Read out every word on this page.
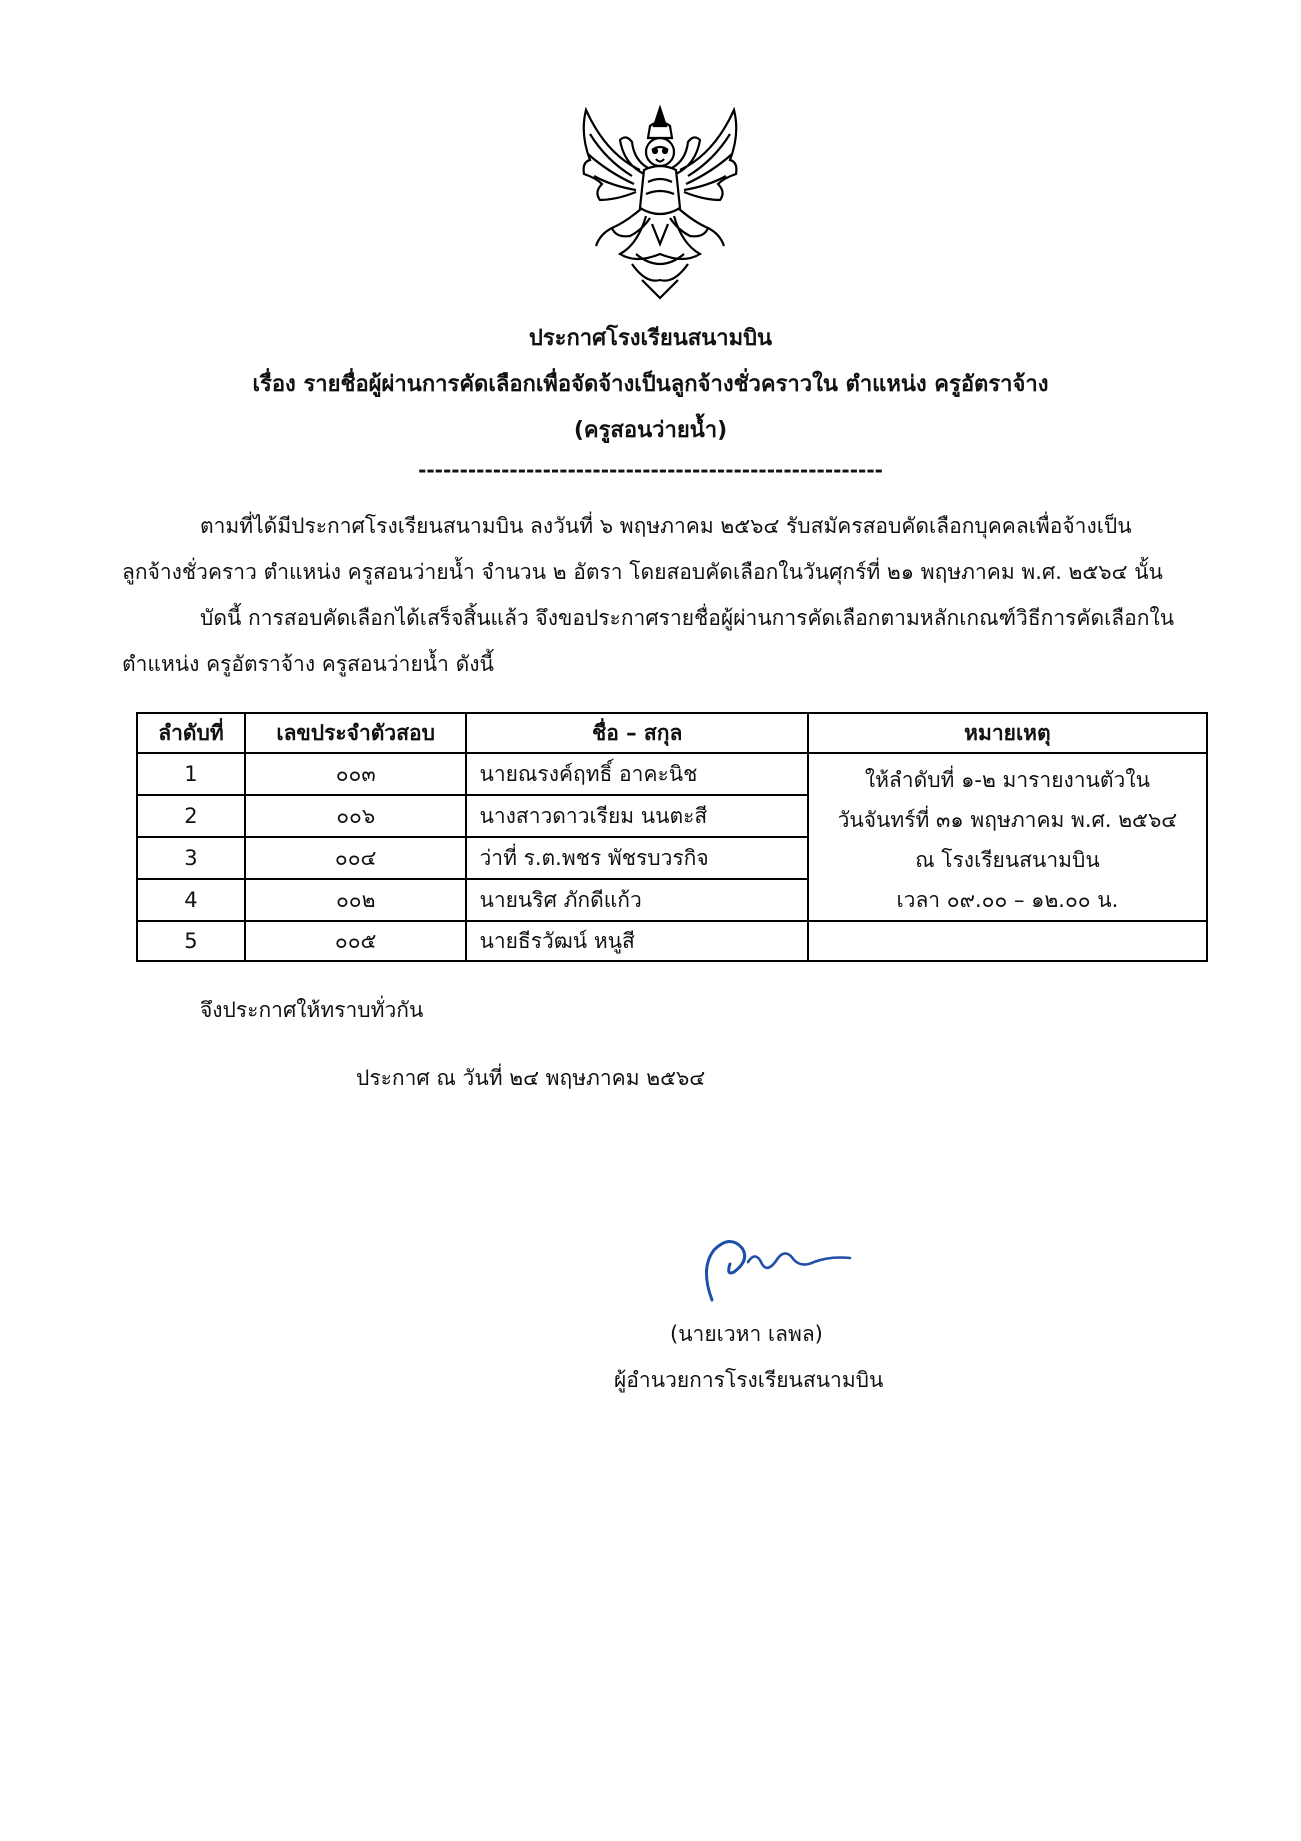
ประกาศโรงเรียนสนามบิน
เรื่อง รายชื่อผู้ผ่านการคัดเลือกเพื่อจัดจ้างเป็นลูกจ้างชั่วคราวใน ตำแหน่ง ครูอัตราจ้าง
(ครูสอนว่ายน้ำ)
--------------------------------------------------------
ตามที่ได้มีประกาศโรงเรียนสนามบิน ลงวันที่ ๖ พฤษภาคม ๒๕๖๔ รับสมัครสอบคัดเลือกบุคคลเพื่อจ้างเป็น
ลูกจ้างชั่วคราว ตำแหน่ง ครูสอนว่ายน้ำ จำนวน ๒ อัตรา โดยสอบคัดเลือกในวันศุกร์ที่ ๒๑ พฤษภาคม พ.ศ. ๒๕๖๔ นั้น
บัดนี้ การสอบคัดเลือกได้เสร็จสิ้นแล้ว จึงขอประกาศรายชื่อผู้ผ่านการคัดเลือกตามหลักเกณฑ์วิธีการคัดเลือกใน
ตำแหน่ง ครูอัตราจ้าง ครูสอนว่ายน้ำ ดังนี้
ลำดับที่	เลขประจำตัวสอบ	ชื่อ – สกุล	หมายเหตุ
1	๐๐๓	นายณรงค์ฤทธิ์ อาคะนิช	ให้ลำดับที่ ๑-๒ มารายงานตัวใน
วันจันทร์ที่ ๓๑ พฤษภาคม พ.ศ. ๒๕๖๔
ณ โรงเรียนสนามบิน
เวลา ๐๙.๐๐ – ๑๒.๐๐ น.

2	๐๐๖	นางสาวดาวเรียม นนตะสี	
3	๐๐๔	ว่าที่ ร.ต.พชร พัชรบวรกิจ	
4	๐๐๒	นายนริศ ภักดีแก้ว	
5	๐๐๕	นายธีรวัฒน์ หนูสี	
จึงประกาศให้ทราบทั่วกัน
ประกาศ ณ วันที่ ๒๔ พฤษภาคม ๒๕๖๔
(นายเวหา เลพล)
ผู้อำนวยการโรงเรียนสนามบิน
